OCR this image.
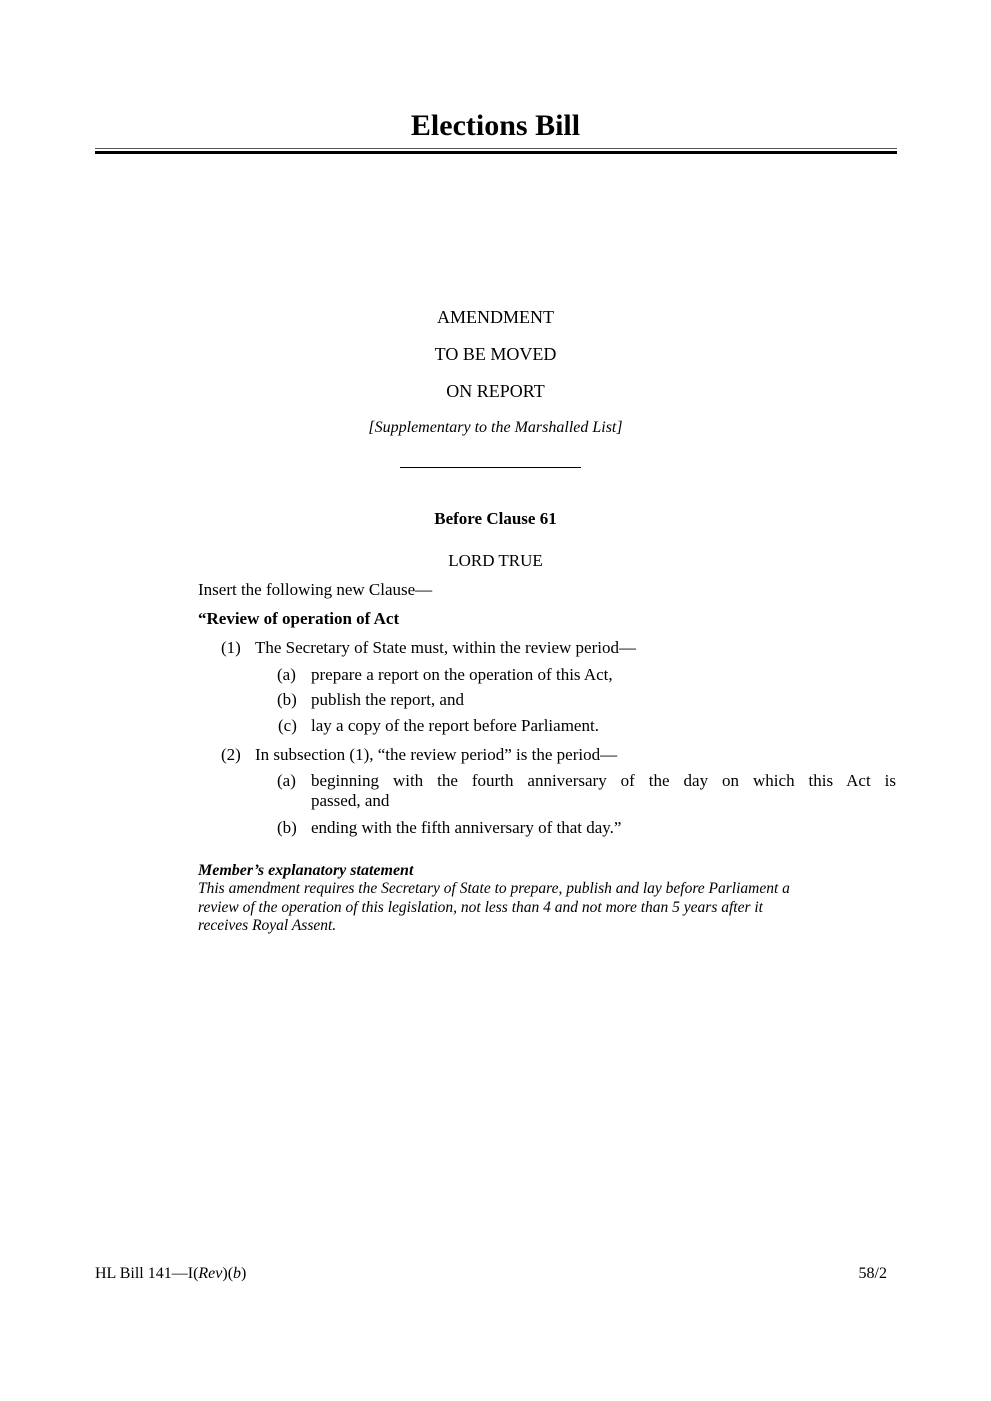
Elections Bill
AMENDMENT
TO BE MOVED
ON REPORT
[Supplementary to the Marshalled List]
Before Clause 61
LORD TRUE
Insert the following new Clause—
“Review of operation of Act
(1) The Secretary of State must, within the review period—
(a) prepare a report on the operation of this Act,
(b) publish the report, and
(c) lay a copy of the report before Parliament.
(2) In subsection (1), “the review period” is the period—
(a) beginning with the fourth anniversary of the day on which this Act is
passed, and
(b) ending with the fifth anniversary of that day.”
Member’s explanatory statement
This amendment requires the Secretary of State to prepare, publish and lay before Parliament a
review of the operation of this legislation, not less than 4 and not more than 5 years after it
receives Royal Assent.
HL Bill 141—I(Rev)(b)	58/2
